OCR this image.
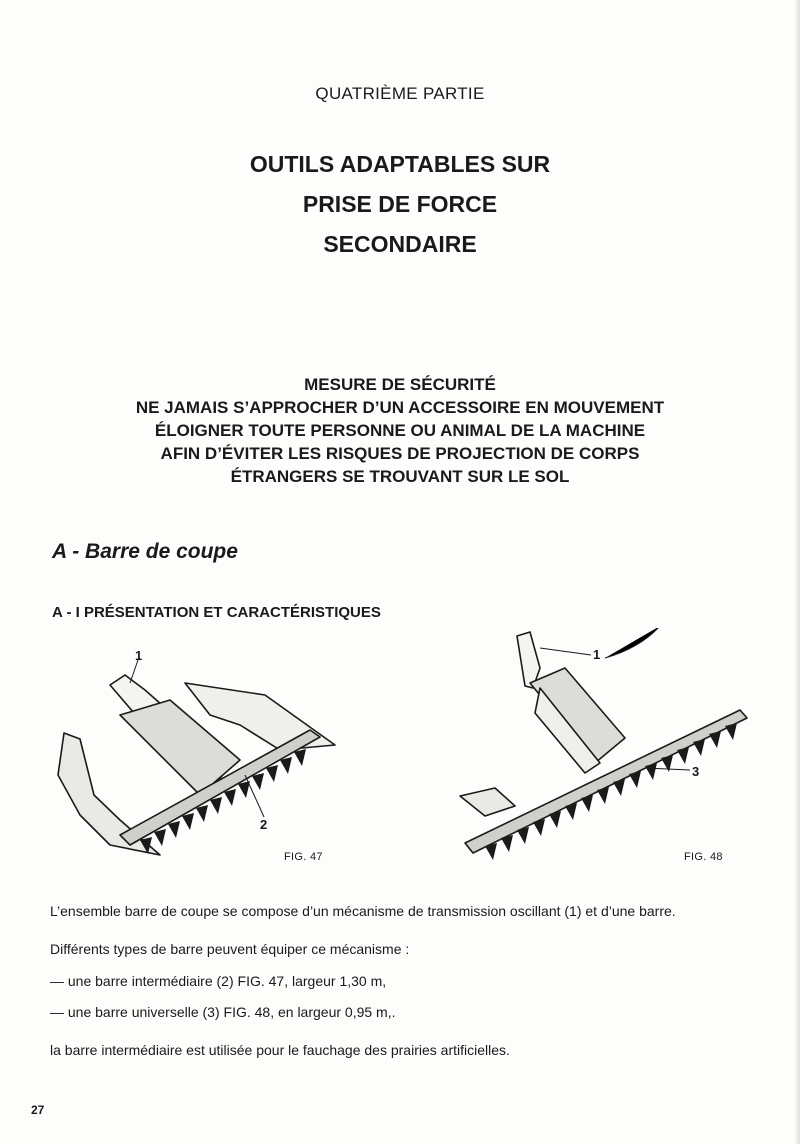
QUATRIÈME PARTIE
OUTILS ADAPTABLES SUR
PRISE DE FORCE
SECONDAIRE
MESURE DE SÉCURITÉ
NE JAMAIS S’APPROCHER D’UN ACCESSOIRE EN MOUVEMENT
ÉLOIGNER TOUTE PERSONNE OU ANIMAL DE LA MACHINE
AFIN D’ÉVITER LES RISQUES DE PROJECTION DE CORPS
ÉTRANGERS SE TROUVANT SUR LE SOL
A - Barre de coupe
A - I PRÉSENTATION ET CARACTÉRISTIQUES
1
2
FIG. 47
1
3
FIG. 48
L’ensemble barre de coupe se compose d’un mécanisme de transmission oscillant (1) et d’une barre.
Différents types de barre peuvent équiper ce mécanisme :
— une barre intermédiaire (2) FIG. 47, largeur 1,30 m,
— une barre universelle (3) FIG. 48, en largeur 0,95 m,.
la barre intermédiaire est utilisée pour le fauchage des prairies artificielles.
27
